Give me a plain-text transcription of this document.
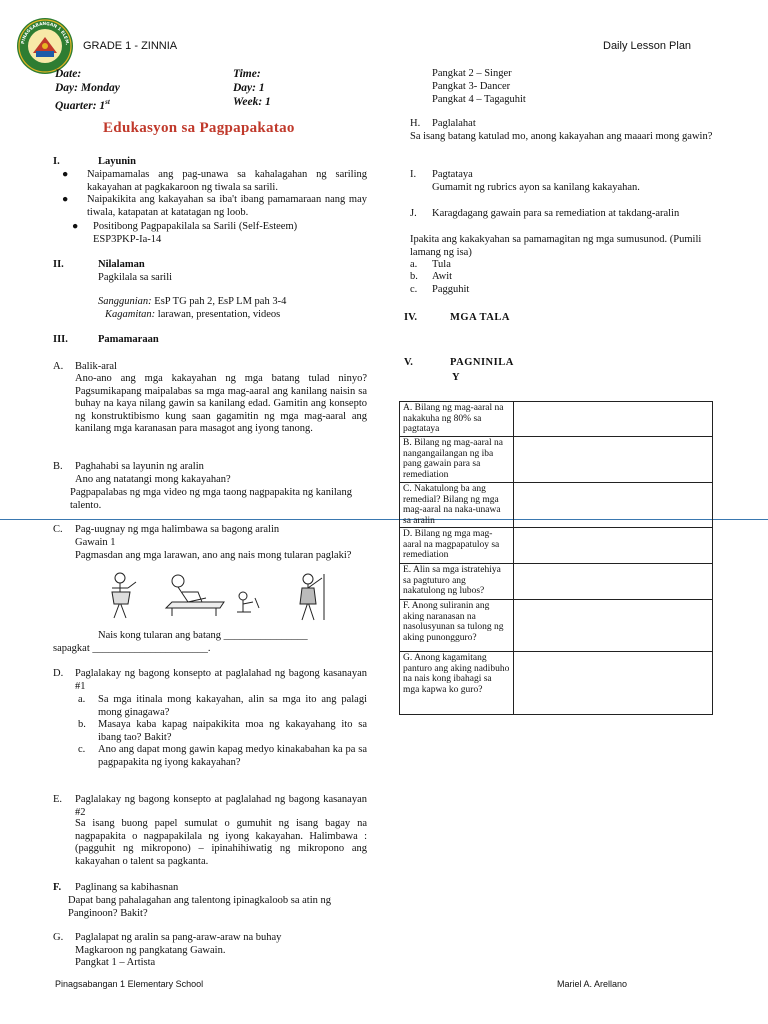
PINAGSABANGAN 1 ELEM. GRADE 1 - ZINNIA	Daily Lesson Plan
Date:	Time:
Day: Monday	Day: 1
Quarter: 1st	Week: 1
Edukasyon sa Pagpapakatao
I.	Layunin
● Naipamamalas ang pag-unawa sa kahalagahan ng sariling kakayahan at pagkakaroon ng tiwala sa sarili.
● Naipakikita ang kakayahan sa iba't ibang pamamaraan nang may tiwala, katapatan at katatagan ng loob.
● Positibong Pagpapakilala sa Sarili (Self-Esteem)
ESP3PKP-Ia-14
II.	Nilalaman
Pagkilala sa sarili
Sanggunian: EsP TG pah 2, EsP LM pah 3-4
Kagamitan: larawan, presentation, videos
III.	Pamamaraan
A. Balik-aral
Ano-ano ang mga kakayahan ng mga batang tulad ninyo? Pagsumikapang maipalabas sa mga mag-aaral ang kanilang naisin sa buhay na kaya nilang gawin sa kanilang edad. Gamitin ang konsepto ng konstruktibismo kung saan gagamitin ng mga mag-aaral ang kanilang mga karanasan para masagot ang iyong tanong.
B. Paghahabi sa layunin ng aralin
Ano ang natatangi mong kakayahan?
Pagpapalabas ng mga video ng mga taong nagpapakita ng kanilang talento.
C. Pag-uugnay ng mga halimbawa sa bagong aralin
Gawain 1
Pagmasdan ang mga larawan, ano ang nais mong tularan paglaki?
Nais kong tularan ang batang ________________
sapagkat ______________________.
D. Paglalakay ng bagong konsepto at paglalahad ng bagong kasanayan #1
a. Sa mga itinala mong kakayahan, alin sa mga ito ang palagi mong ginagawa?
b. Masaya kaba kapag naipakikita moa ng kakayahang ito sa ibang tao? Bakit?
c. Ano ang dapat mong gawin kapag medyo kinakabahan ka pa sa pagpapakita ng iyong kakayahan?
E. Paglalakay ng bagong konsepto at paglalahad ng bagong kasanayan #2
Sa isang buong papel sumulat o gumuhit ng isang bagay na nagpapakita o nagpapakilala ng iyong kakayahan. Halimbawa : (pagguhit ng mikropono) – ipinahihiwatig ng mikropono ang kakayahan o talent sa pagkanta.
F. Paglinang sa kabihasnan
Dapat bang pahalagahan ang talentong ipinagkaloob sa atin ng Panginoon? Bakit?
G. Paglalapat ng aralin sa pang-araw-araw na buhay
Magkaroon ng pangkatang Gawain.
Pangkat 1 – Artista
Pangkat 2 – Singer
Pangkat 3- Dancer
Pangkat 4 – Tagaguhit
H. Paglalahat
Sa isang batang katulad mo, anong kakayahan ang maaari mong gawin?
I. Pagtataya
Gumamit ng rubrics ayon sa kanilang kakayahan.
J. Karagdagang gawain para sa remediation at takdang-aralin
Ipakita ang kakakyahan sa pamamagitan ng mga sumusunod. (Pumili lamang ng isa)
a. Tula
b. Awit
c. Pagguhit
IV.	MGA TALA
V.	PAGNINILA
Y
A. Bilang ng mag-aaral na nakakuha ng 80% sa pagtataya	
B. Bilang ng mag-aaral na nangangailangan ng iba pang gawain para sa remediation	
C. Nakatulong ba ang remedial? Bilang ng mga mag-aaral na naka-unawa sa aralin	
D. Bilang ng mga mag-aaral na magpapatuloy sa remediation	
E. Alin sa mga istratehiya sa pagtuturo ang nakatulong ng lubos?	
F. Anong suliranin ang aking naranasan na nasolusyunan sa tulong ng aking punongguro?	
G. Anong kagamitang panturo ang aking nadibuho na nais kong ibahagi sa mga kapwa ko guro?	
Pinagsabangan 1 Elementary School	Mariel A. Arellano
